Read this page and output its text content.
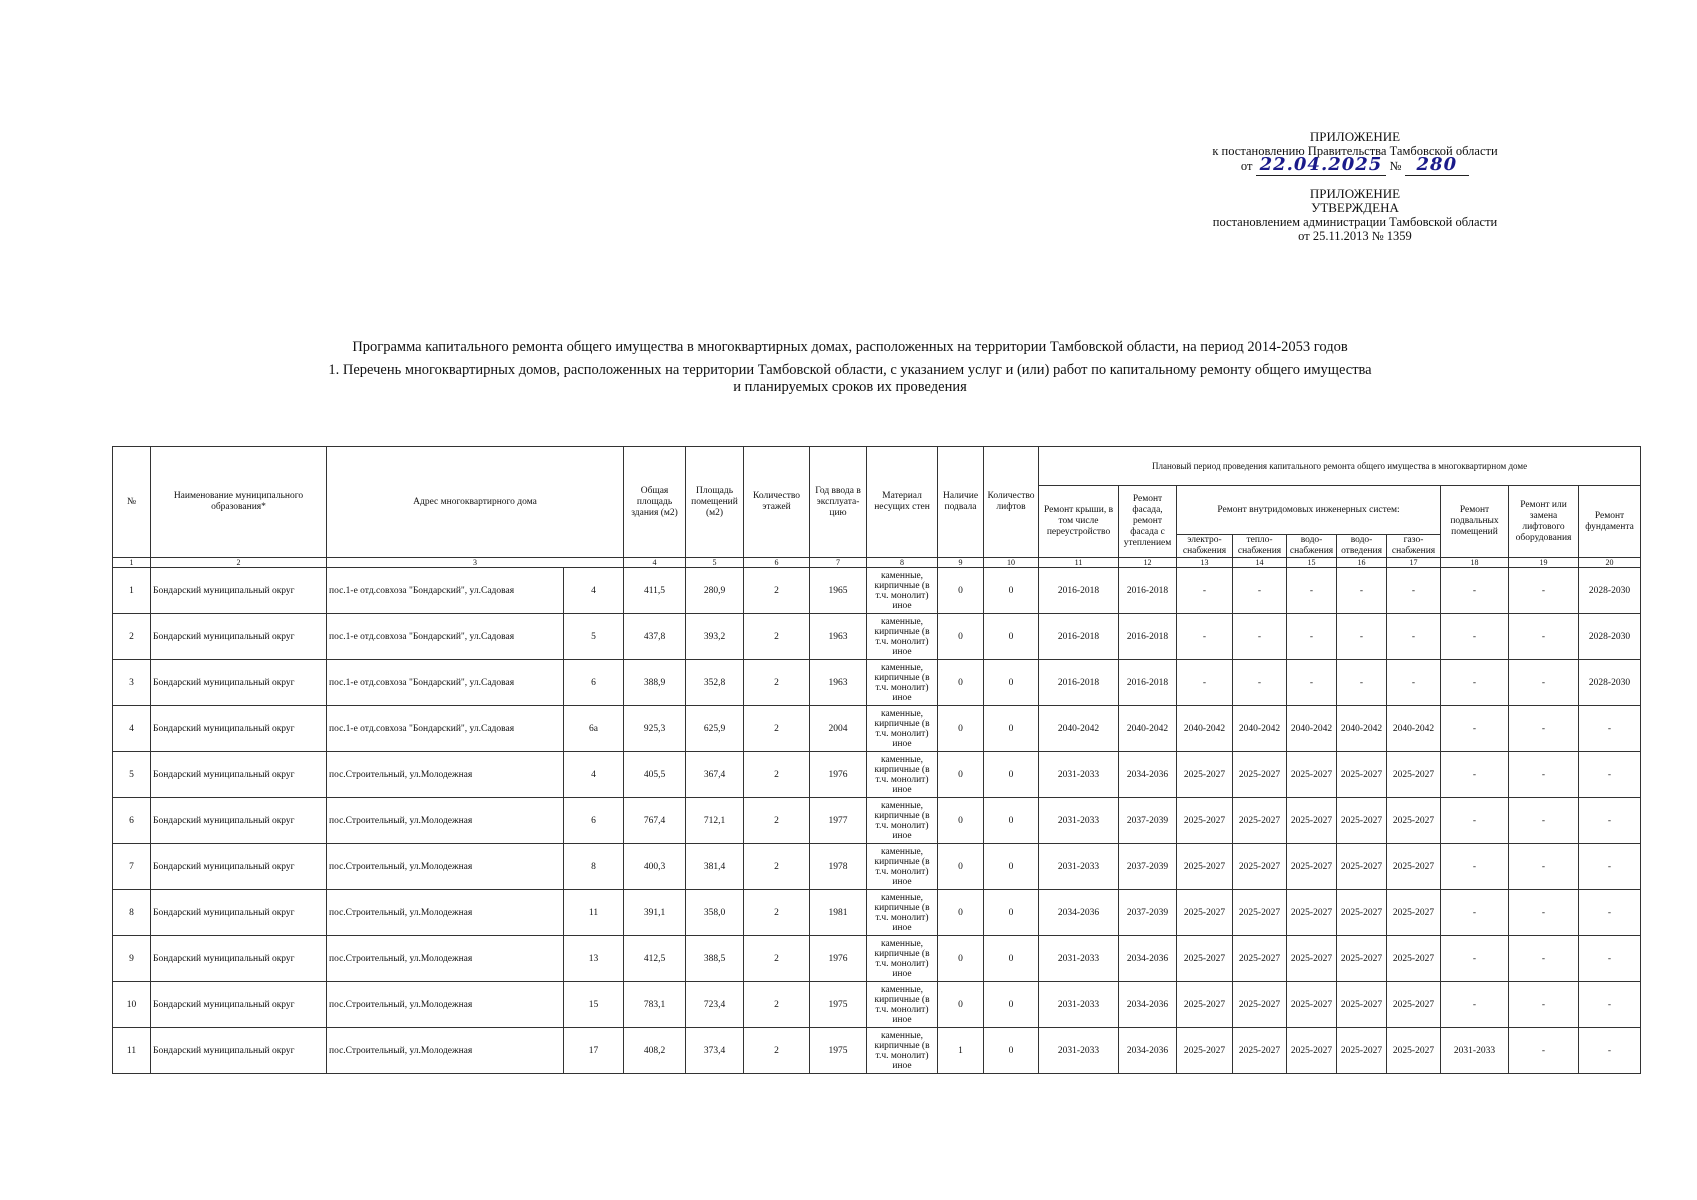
ПРИЛОЖЕНИЕ
к постановлению Правительства Тамбовской области
от 22.04.2025 № 280
ПРИЛОЖЕНИЕ
УТВЕРЖДЕНА
постановлением администрации Тамбовской области
от 25.11.2013 № 1359
Программа капитального ремонта общего имущества в многоквартирных домах, расположенных на территории Тамбовской области, на период 2014-2053 годов
1. Перечень многоквартирных домов, расположенных на территории Тамбовской области, с указанием услуг и (или) работ по капитальному ремонту общего имущества
и планируемых сроков их проведения
№	Наименование муниципального образования*	Адрес многоквартирного дома		Общая площадь здания (м2)	Площадь помещений (м2)	Количество этажей	Год ввода в эксплуата-цию	Материал несущих стен	Наличие подвала	Количество лифтов	Плановый период проведения капитального ремонта общего имущества в многоквартирном доме									
											Ремонт крыши, в том числе переустройство	Ремонт фасада, ремонт фасада с утеплением	Ремонт внутридомовых инженерных систем:					Ремонт подвальных помещений	Ремонт или замена лифтового оборудования	Ремонт фундамента
													электро-снабжения	тепло-снабжения	водо-снабжения	водо-отведения	газо-снабжения			
1	2	3		4	5	6	7	8	9	10	11	12	13	14	15	16	17	18	19	20
1	Бондарский муниципальный округ	пос.1-е отд.совхоза "Бондарский", ул.Садовая	4	411,5	280,9	2	1965	каменные, кирпичные (в т.ч. монолит) иное	0	0	2016-2018	2016-2018	-	-	-	-	-	-	-	2028-2030
2	Бондарский муниципальный округ	пос.1-е отд.совхоза "Бондарский", ул.Садовая	5	437,8	393,2	2	1963	каменные, кирпичные (в т.ч. монолит) иное	0	0	2016-2018	2016-2018	-	-	-	-	-	-	-	2028-2030
3	Бондарский муниципальный округ	пос.1-е отд.совхоза "Бондарский", ул.Садовая	6	388,9	352,8	2	1963	каменные, кирпичные (в т.ч. монолит) иное	0	0	2016-2018	2016-2018	-	-	-	-	-	-	-	2028-2030
4	Бондарский муниципальный округ	пос.1-е отд.совхоза "Бондарский", ул.Садовая	6а	925,3	625,9	2	2004	каменные, кирпичные (в т.ч. монолит) иное	0	0	2040-2042	2040-2042	2040-2042	2040-2042	2040-2042	2040-2042	2040-2042	-	-	-
5	Бондарский муниципальный округ	пос.Строительный, ул.Молодежная	4	405,5	367,4	2	1976	каменные, кирпичные (в т.ч. монолит) иное	0	0	2031-2033	2034-2036	2025-2027	2025-2027	2025-2027	2025-2027	2025-2027	-	-	-
6	Бондарский муниципальный округ	пос.Строительный, ул.Молодежная	6	767,4	712,1	2	1977	каменные, кирпичные (в т.ч. монолит) иное	0	0	2031-2033	2037-2039	2025-2027	2025-2027	2025-2027	2025-2027	2025-2027	-	-	-
7	Бондарский муниципальный округ	пос.Строительный, ул.Молодежная	8	400,3	381,4	2	1978	каменные, кирпичные (в т.ч. монолит) иное	0	0	2031-2033	2037-2039	2025-2027	2025-2027	2025-2027	2025-2027	2025-2027	-	-	-
8	Бондарский муниципальный округ	пос.Строительный, ул.Молодежная	11	391,1	358,0	2	1981	каменные, кирпичные (в т.ч. монолит) иное	0	0	2034-2036	2037-2039	2025-2027	2025-2027	2025-2027	2025-2027	2025-2027	-	-	-
9	Бондарский муниципальный округ	пос.Строительный, ул.Молодежная	13	412,5	388,5	2	1976	каменные, кирпичные (в т.ч. монолит) иное	0	0	2031-2033	2034-2036	2025-2027	2025-2027	2025-2027	2025-2027	2025-2027	-	-	-
10	Бондарский муниципальный округ	пос.Строительный, ул.Молодежная	15	783,1	723,4	2	1975	каменные, кирпичные (в т.ч. монолит) иное	0	0	2031-2033	2034-2036	2025-2027	2025-2027	2025-2027	2025-2027	2025-2027	-	-	-
11	Бондарский муниципальный округ	пос.Строительный, ул.Молодежная	17	408,2	373,4	2	1975	каменные, кирпичные (в т.ч. монолит) иное	1	0	2031-2033	2034-2036	2025-2027	2025-2027	2025-2027	2025-2027	2025-2027	2031-2033	-	-
